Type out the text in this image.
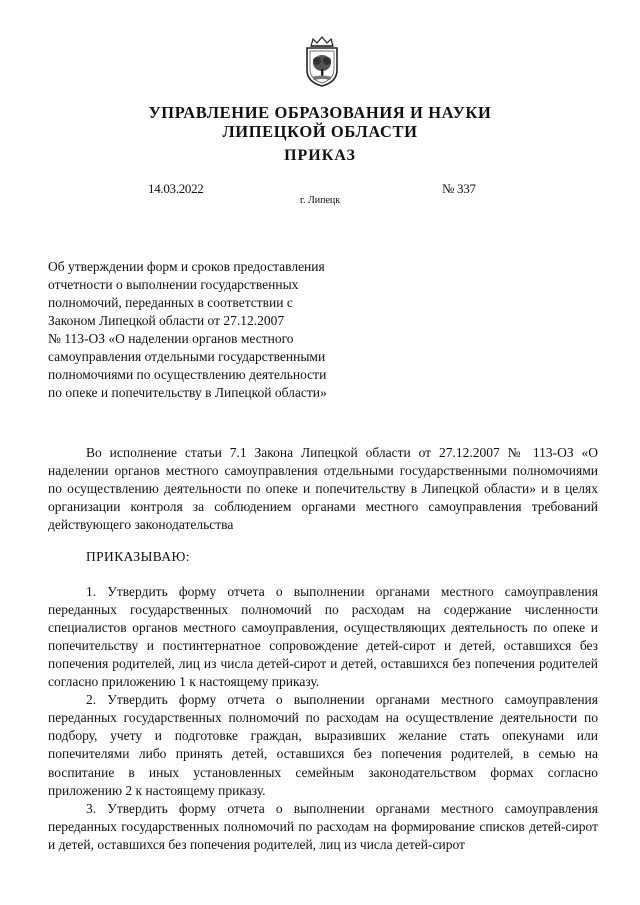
УПРАВЛЕНИЕ ОБРАЗОВАНИЯ И НАУКИ
ЛИПЕЦКОЙ ОБЛАСТИ
ПРИКАЗ
14.03.2022
г. Липецк
№ 337
Об утверждении форм и сроков предоставления
отчетности о выполнении государственных
полномочий, переданных в соответствии с
Законом Липецкой области от 27.12.2007
№ 113-ОЗ «О наделении органов местного
самоуправления отдельными государственными
полномочиями по осуществлению деятельности
по опеке и попечительству в Липецкой области»

Во исполнение статьи 7.1 Закона Липецкой области от 27.12.2007 № 113-ОЗ «О наделении органов местного самоуправления отдельными государственными полномочиями по осуществлению деятельности по опеке и попечительству в Липецкой области» и в целях организации контроля за соблюдением органами местного самоуправления требований действующего законодательства

ПРИКАЗЫВАЮ:

1. Утвердить форму отчета о выполнении органами местного самоуправления переданных государственных полномочий по расходам на содержание численности специалистов органов местного самоуправления, осуществляющих деятельность по опеке и попечительству и постинтернатное сопровождение детей-сирот и детей, оставшихся без попечения родителей, лиц из числа детей-сирот и детей, оставшихся без попечения родителей согласно приложению 1 к настоящему приказу.

2. Утвердить форму отчета о выполнении органами местного самоуправления переданных государственных полномочий по расходам на осуществление деятельности по подбору, учету и подготовке граждан, выразивших желание стать опекунами или попечителями либо принять детей, оставшихся без попечения родителей, в семью на воспитание в иных установленных семейным законодательством формах согласно приложению 2 к настоящему приказу.

3. Утвердить форму отчета о выполнении органами местного самоуправления переданных государственных полномочий по расходам на формирование списков детей-сирот и детей, оставшихся без попечения родителей, лиц из числа детей-сирот
